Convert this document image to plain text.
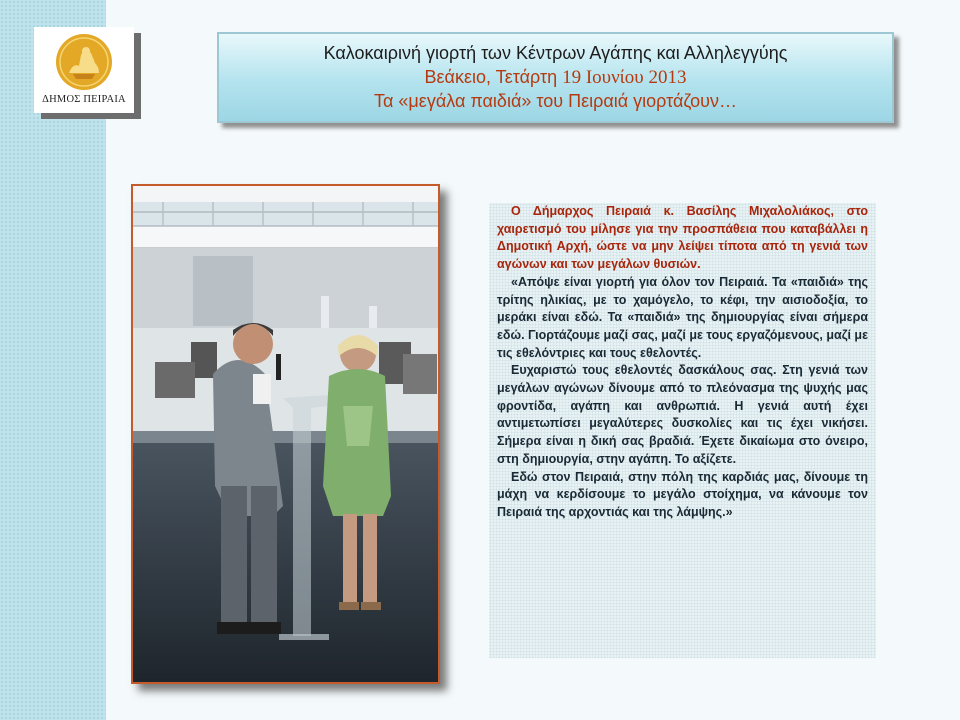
ΔΗΜΟΣ ΠΕΙΡΑΙΑ
Καλοκαιρινή γιορτή των Κέντρων Αγάπης και Αλληλεγγύης
Βεάκειο, Τετάρτη 19 Ιουνίου 2013
Τα «μεγάλα παιδιά» του Πειραιά γιορτάζουν…

Ο Δήμαρχος Πειραιά κ. Βασίλης Μιχαλολιάκος, στο χαιρετισμό του μίλησε για την προσπάθεια που καταβάλλει η Δημοτική Αρχή, ώστε να μην λείψει τίποτα από τη γενιά των αγώνων και των μεγάλων θυσιών.

«Απόψε είναι γιορτή για όλον τον Πειραιά. Τα «παιδιά» της τρίτης ηλικίας, με το χαμόγελο, το κέφι, την αισιοδοξία, το μεράκι είναι εδώ. Τα «παιδιά» της δημιουργίας είναι σήμερα εδώ. Γιορτάζουμε μαζί σας, μαζί με τους εργαζόμενους, μαζί με τις εθελόντριες και τους εθελοντές.

Ευχαριστώ τους εθελοντές δασκάλους σας. Στη γενιά των μεγάλων αγώνων δίνουμε από το πλεόνασμα της ψυχής μας φροντίδα, αγάπη και ανθρωπιά. Η γενιά αυτή έχει αντιμετωπίσει μεγαλύτερες δυσκολίες και τις έχει νικήσει. Σήμερα είναι η δική σας βραδιά. Έχετε δικαίωμα στο όνειρο, στη δημιουργία, στην αγάπη. Το αξίζετε.

Εδώ στον Πειραιά, στην πόλη της καρδιάς μας, δίνουμε τη μάχη να κερδίσουμε το μεγάλο στοίχημα, να κάνουμε τον Πειραιά της αρχοντιάς και της λάμψης.»
